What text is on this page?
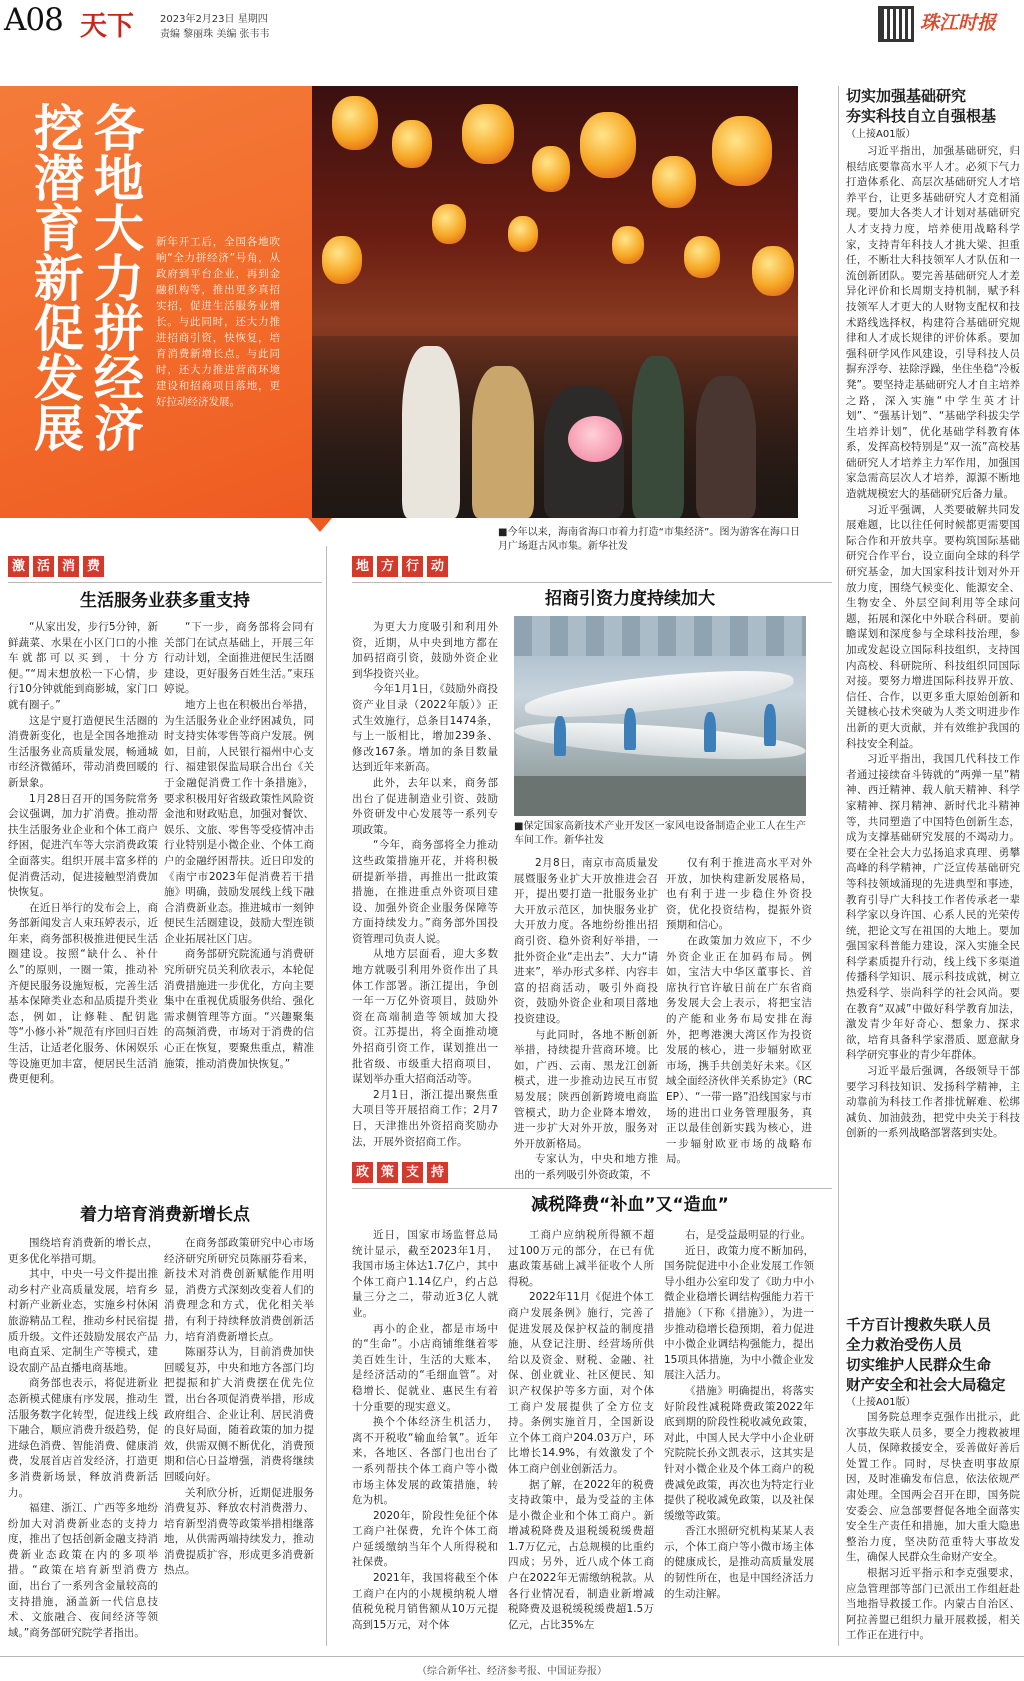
A08 天下	2023年2月23日 星期四
责编 黎丽珠 美编 张韦韦
珠江时报
各地大力拼经济
挖潜育新促发展	新年开工后，全国各地吹响“全力拼经济”号角，从政府到平台企业，再到金融机构等，推出更多真招实招，促进生活服务业增长。与此同时，还大力推进招商引资，快恢复，培育消费新增长点。与此同时，还大力推进营商环境建设和招商项目落地，更好拉动经济发展。
■今年以来，海南省海口市着力打造“市集经济”。图为游客在海口日月广场逛古风市集。新华社发
切实加强基础研究
夯实科技自立自强根基
（上接A01版）

习近平指出，加强基础研究，归根结底要靠高水平人才。必须下气力打造体系化、高层次基础研究人才培养平台，让更多基础研究人才竞相涌现。要加大各类人才计划对基础研究人才支持力度，培养使用战略科学家，支持青年科技人才挑大梁、担重任，不断壮大科技领军人才队伍和一流创新团队。要完善基础研究人才差异化评价和长周期支持机制，赋予科技领军人才更大的人财物支配权和技术路线选择权，构建符合基础研究规律和人才成长规律的评价体系。要加强科研学风作风建设，引导科技人员摒弃浮夸、祛除浮躁，坐住坐稳“冷板凳”。要坚持走基础研究人才自主培养之路，深入实施“中学生英才计划”、“强基计划”、“基础学科拔尖学生培养计划”，优化基础学科教育体系，发挥高校特别是“双一流”高校基础研究人才培养主力军作用，加强国家急需高层次人才培养，源源不断地造就规模宏大的基础研究后备力量。

习近平强调，人类要破解共同发展难题，比以往任何时候都更需要国际合作和开放共享。要构筑国际基础研究合作平台，设立面向全球的科学研究基金，加大国家科技计划对外开放力度，围绕气候变化、能源安全、生物安全、外层空间利用等全球问题，拓展和深化中外联合科研。要前瞻谋划和深度参与全球科技治理，参加或发起设立国际科技组织，支持国内高校、科研院所、科技组织同国际对接。要努力增进国际科技界开放、信任、合作，以更多重大原始创新和关键核心技术突破为人类文明进步作出新的更大贡献，并有效维护我国的科技安全利益。

习近平指出，我国几代科技工作者通过接续奋斗铸就的“两弹一星”精神、西迁精神、载人航天精神、科学家精神、探月精神、新时代北斗精神等，共同塑造了中国特色创新生态，成为支撑基础研究发展的不竭动力。要在全社会大力弘扬追求真理、勇攀高峰的科学精神，广泛宣传基础研究等科技领域涌现的先进典型和事迹，教育引导广大科技工作者传承老一辈科学家以身许国、心系人民的光荣传统，把论文写在祖国的大地上。要加强国家科普能力建设，深入实施全民科学素质提升行动，线上线下多渠道传播科学知识、展示科技成就，树立热爱科学、崇尚科学的社会风尚。要在教育“双减”中做好科学教育加法，激发青少年好奇心、想象力、探求欲，培育具备科学家潜质、愿意献身科学研究事业的青少年群体。

习近平最后强调，各级领导干部要学习科技知识、发扬科学精神，主动靠前为科技工作者排忧解难、松绑减负、加油鼓劲，把党中央关于科技创新的一系列战略部署落到实处。

千方百计搜救失联人员
全力救治受伤人员
切实维护人民群众生命
财产安全和社会大局稳定
（上接A01版）

国务院总理李克强作出批示，此次事故失联人员多，要全力搜救被埋人员，保障救援安全，妥善做好善后处置工作。同时，尽快查明事故原因，及时准确发布信息，依法依规严肃处理。全国两会召开在即，国务院安委会、应急部要督促各地全面落实安全生产责任和措施，加大重大隐患整治力度，坚决防范重特大事故发生，确保人民群众生命财产安全。

根据习近平指示和李克强要求，应急管理部等部门已派出工作组赶赴当地指导救援工作。内蒙古自治区、阿拉善盟已组织力量开展救援，相关工作正在进行中。

激 活 消 费
生活服务业获多重支持

“从家出发，步行5分钟，新鲜蔬菜、水果在小区门口的小推车就都可以买到，十分方便。”“周末想放松一下心情，步行10分钟就能到商影城，家门口就有圈子。”

这是宁夏打造便民生活圈的消费新变化，也是全国各地推动生活服务业高质量发展，畅通城市经济微循环，带动消费回暖的新景象。

1月28日召开的国务院常务会议强调，加力扩消费。推动帮扶生活服务业企业和个体工商户纾困，促进汽车等大宗消费政策全面落实。组织开展丰富多样的促消费活动，促进接触型消费加快恢复。

在近日举行的发布会上，商务部新闻发言人束珏婷表示，近年来，商务部积极推进便民生活圈建设。按照“缺什么、补什么”的原则，一圈一策，推动补齐便民服务设施短板，完善生活基本保障类业态和品质提升类业态，例如，让修鞋、配钥匙等“小修小补”规范有序回归百姓生活，让适老化服务、休闲娱乐等设施更加丰富，便居民生活消费更便利。

“下一步，商务部将会同有关部门在试点基础上，开展三年行动计划，全面推进便民生活圈建设，更好服务百姓生活。”束珏婷说。

地方上也在积极出台举措，为生活服务业企业纾困减负，同时支持实体零售等商户发展。例如，目前，人民银行福州中心支行、福建银保监局联合出台《关于金融促消费工作十条措施》，要求积极用好省级政策性风险资金池和财政贴息，加强对餐饮、娱乐、文旅、零售等受疫情冲击行业特别是小微企业、个体工商户的金融纾困帮扶。近日印发的《南宁市2023年促消费若干措施》明确，鼓励发展线上线下融合消费新业态。推进城市一刻钟便民生活圈建设，鼓励大型连锁企业拓展社区门店。

商务部研究院流通与消费研究所研究员关利欣表示，本轮促消费措施进一步优化，方向主要集中在重视优质服务供给、强化需求侧管理等方面。“兴趣聚集的高频消费，市场对于消费的信心正在恢复，要聚焦重点，精准施策，推动消费加快恢复。”

着力培育消费新增长点

围绕培育消费新的增长点，更多优化举措可期。

其中，中央一号文件提出推动乡村产业高质量发展，培育乡村新产业新业态，实施乡村休闲旅游精品工程，推动乡村民宿提质升级。文件还鼓励发展农产品电商直采、定制生产等模式，建设农副产品直播电商基地。

商务部也表示，将促进新业态新模式健康有序发展，推动生活服务数字化转型，促进线上线下融合，顺应消费升级趋势，促进绿色消费、智能消费、健康消费，发展首店首发经济，打造更多消费新场景，释放消费新活力。

福建、浙江、广西等多地纷纷加大对消费新业态的支持力度，推出了包括创新金融支持消费新业态政策在内的多项举措。“政策在培育新型消费方面，出台了一系列含金量较高的支持措施，涵盖新一代信息技术、文旅融合、夜间经济等领域。”商务部研究院学者指出。

在商务部政策研究中心市场经济研究所研究员陈丽芬看来，新技术对消费创新赋能作用明显，消费方式深刻改变着人们的消费理念和方式，优化相关举措，有利于持续释放消费创新活力，培育消费新增长点。

陈丽芬认为，目前消费加快回暖复苏，中央和地方各部门均把提振和扩大消费摆在优先位置，出台各项促消费举措，形成政府组合、企业让利、居民消费的良好局面，随着政策的加力提效，供需双侧不断优化，消费预期和信心日益增强，消费将继续回暖向好。

关利欣分析，近期促进服务消费复苏、释放农村消费潜力、培育新型消费等政策举措相继落地，从供需两端持续发力，推动消费提质扩容，形成更多消费新热点。

地 方 行 动
招商引资力度持续加大

为更大力度吸引和利用外资，近期，从中央到地方都在加码招商引资，鼓励外资企业到华投资兴业。

今年1月1日，《鼓励外商投资产业目录（2022年版）》正式生效施行，总条目1474条，与上一版相比，增加239条、修改167条。增加的条目数量达到近年来新高。

此外，去年以来，商务部出台了促进制造业引资、鼓励外资研发中心发展等一系列专项政策。

“今年，商务部将全力推动这些政策措施开花，并将积极研提新举措，再推出一批政策措施，在推进重点外资项目建设、加强外资企业服务保障等方面持续发力。”商务部外国投资管理司负责人说。

从地方层面看，迎大多数地方就吸引利用外资作出了具体工作部署。浙江提出，争创一年一万亿外资项目，鼓励外资在高端制造等领域加大投资。江苏提出，将全面推动境外招商引资工作，谋划推出一批省级、市级重大招商项目，谋划举办重大招商活动等。

2月1日，浙江提出聚焦重大项目等开展招商工作；2月7日，天津推出外资招商奖励办法，开展外资招商工作。

■保定国家高新技术产业开发区一家风电设备制造企业工人在生产车间工作。新华社发

2月8日，南京市高质量发展暨服务业扩大开放推进会召开，提出要打造一批服务业扩大开放示范区，加快服务业扩大开放力度。各地纷纷推出招商引资、稳外资利好举措，一批外资企业“走出去”、大力“请进来”，举办形式多样、内容丰富的招商活动，吸引外商投资，鼓励外资企业和项目落地投资建设。

与此同时，各地不断创新举措，持续提升营商环境。比如，广西、云南、黑龙江创新模式，进一步推动边民互市贸易发展；陕西创新跨境电商监管模式，助力企业降本增效，进一步扩大对外开放，服务对外开放新格局。

专家认为，中央和地方推出的一系列吸引外资政策，不

仅有利于推进高水平对外开放，加快构建新发展格局，也有利于进一步稳住外资投资，优化投资结构，提振外资预期和信心。

在政策加力效应下，不少外资企业正在加码布局。例如，宝洁大中华区董事长、首席执行官许敏日前在广东省商务发展大会上表示，将把宝洁的产能和业务布局安排在海外，把粤港澳大湾区作为投资发展的核心，进一步辐射欧亚市场，携手共创美好未来。《区域全面经济伙伴关系协定》（RCEP）、“一带一路”沿线国家与市场的进出口业务管理服务，真正以最佳创新实践为核心，进一步辐射欧亚市场的战略布局。

政 策 支 持
减税降费“补血”又“造血”

近日，国家市场监督总局统计显示，截至2023年1月，我国市场主体达1.7亿户，其中个体工商户1.14亿户，约占总量三分之二，带动近3亿人就业。

再小的企业，都是市场中的“生命”。小店商铺维继着零美百姓生计，生活的大账本，是经济活动的“毛细血管”。对稳增长、促就业、惠民生有着十分重要的现实意义。

换个个体经济生机活力，离不开税收“输血给氧”。近年来，各地区、各部门也出台了一系列帮扶个体工商户等小微市场主体发展的政策措施，转危为机。

2020年，阶段性免征个体工商户社保费，允许个体工商户延缓缴纳当年个人所得税和社保费。

2021年，我国将截至个体工商户在内的小规模纳税人增值税免税月销售额从10万元提高到15万元，对个体

工商户应纳税所得额不超过100万元的部分，在已有优惠政策基础上减半征收个人所得税。

2022年11月《促进个体工商户发展条例》施行，完善了促进发展及保护权益的制度措施，从登记注册、经营场所供给以及资金、财税、金融、社保、创业就业、社区便民、知识产权保护等多方面，对个体工商户发展提供了全方位支持。条例实施首月，全国新设立个体工商户204.03万户，环比增长14.9%，有效激发了个体工商户创业创新活力。

据了解，在2022年的税费支持政策中，最为受益的主体是小微企业和个体工商户。新增减税降费及退税缓税缓费超1.7万亿元，占总规模的比重约四成；另外，近八成个体工商户在2022年无需缴纳税款。从各行业情况看，制造业新增减税降费及退税缓税缓费超1.5万亿元，占比35%左

右，是受益最明显的行业。

近日，政策力度不断加码，国务院促进中小企业发展工作领导小组办公室印发了《助力中小微企业稳增长调结构强能力若干措施》（下称《措施》），为进一步推动稳增长稳预期，着力促进中小微企业调结构强能力，提出15项具体措施，为中小微企业发展注入活力。

《措施》明确提出，将落实好阶段性减税降费政策2022年底到期的阶段性税收减免政策，对此，中国人民大学中小企业研究院院长孙文凯表示，这其实是针对小微企业及个体工商户的税费减免政策，再次也为特定行业提供了税收减免政策，以及社保缓缴等政策。

香江水照研究机构某某人表示，个体工商户等小微市场主体的健康成长，是推动高质量发展的韧性所在，也是中国经济活力的生动注解。

（综合新华社、经济参考报、中国证券报）
